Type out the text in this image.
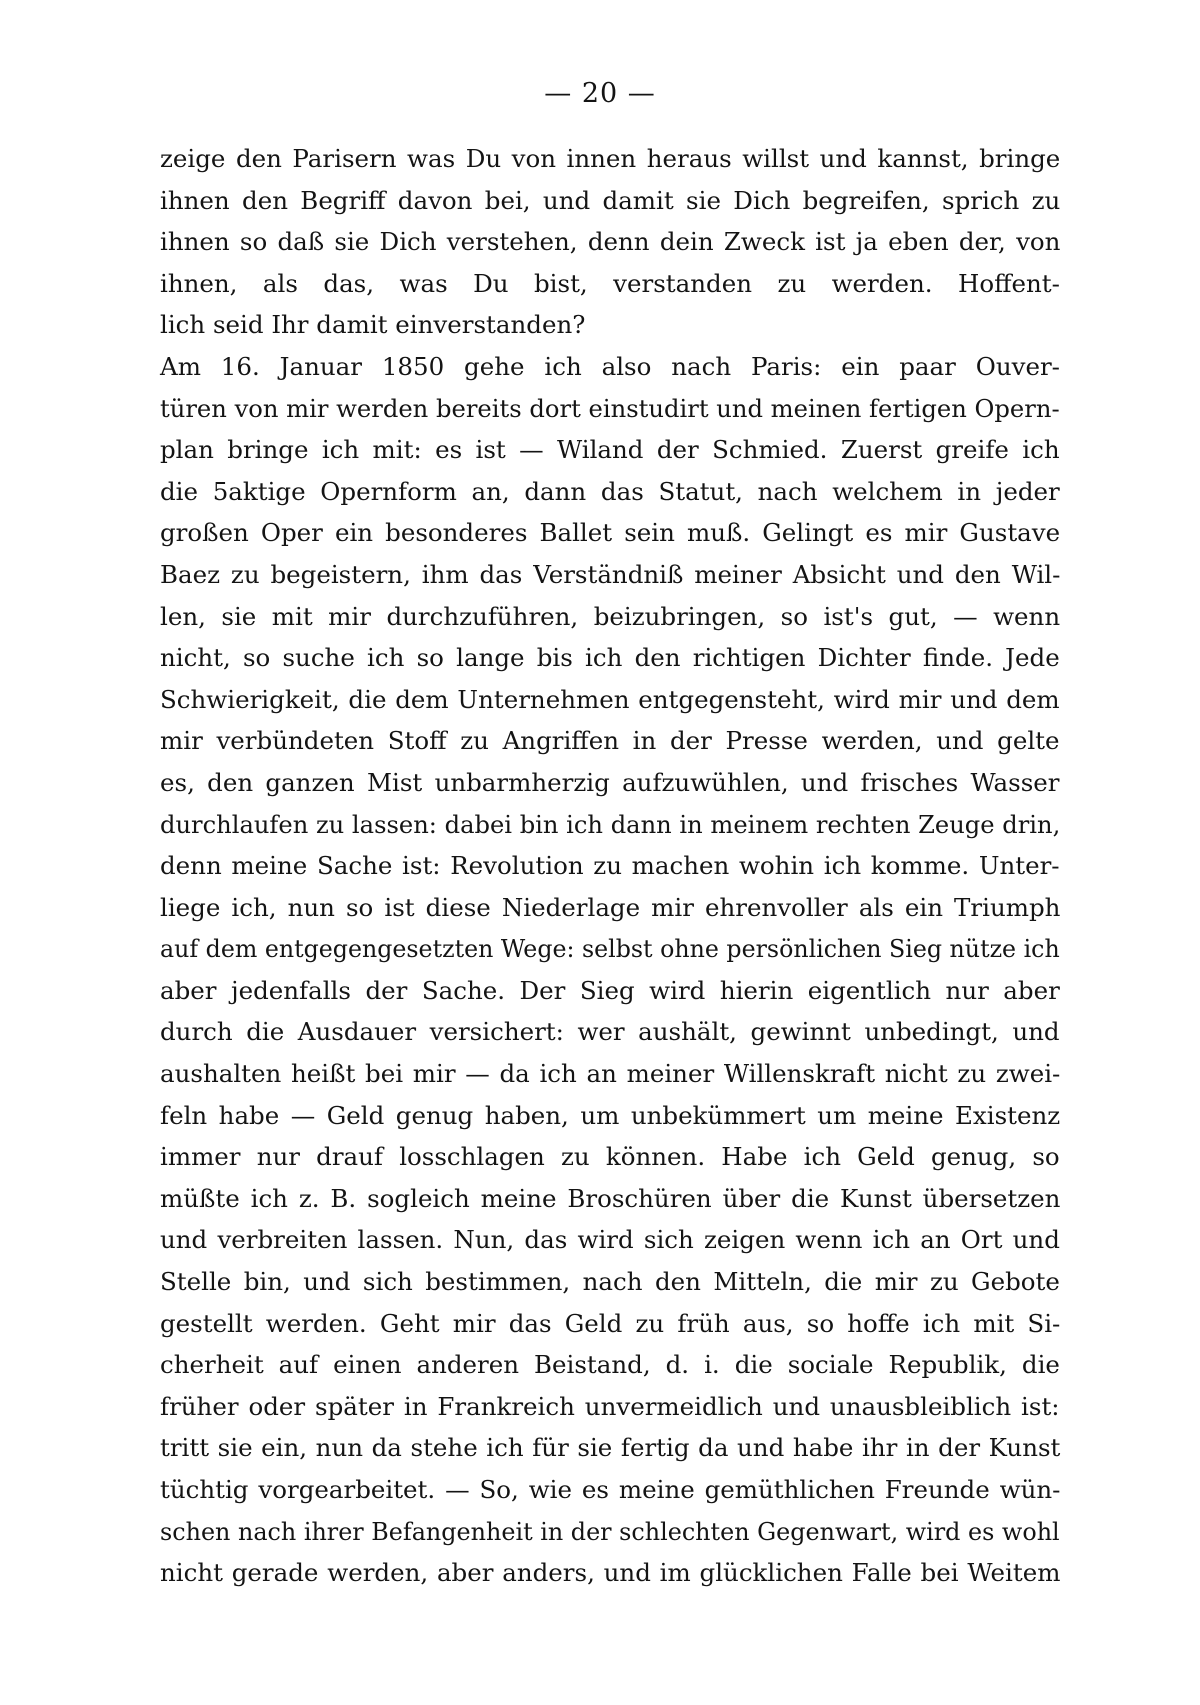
— 20 —
zeige den Parisern was Du von innen heraus willst und kannst, bringe
ihnen den Begriff davon bei, und damit sie Dich begreifen, sprich zu
ihnen so daß sie Dich verstehen, denn dein Zweck ist ja eben der, von
ihnen, als das, was Du bist, verstanden zu werden. Hoffent-
lich seid Ihr damit einverstanden?
Am 16. Januar 1850 gehe ich also nach Paris: ein paar Ouver-
türen von mir werden bereits dort einstudirt und meinen fertigen Opern-
plan bringe ich mit: es ist — Wiland der Schmied. Zuerst greife ich
die 5aktige Opernform an, dann das Statut, nach welchem in jeder
großen Oper ein besonderes Ballet sein muß. Gelingt es mir Gustave
Baez zu begeistern, ihm das Verständniß meiner Absicht und den Wil-
len, sie mit mir durchzuführen, beizubringen, so ist's gut, — wenn
nicht, so suche ich so lange bis ich den richtigen Dichter finde. Jede
Schwierigkeit, die dem Unternehmen entgegensteht, wird mir und dem
mir verbündeten Stoff zu Angriffen in der Presse werden, und gelte
es, den ganzen Mist unbarmherzig aufzuwühlen, und frisches Wasser
durchlaufen zu lassen: dabei bin ich dann in meinem rechten Zeuge drin,
denn meine Sache ist: Revolution zu machen wohin ich komme. Unter-
liege ich, nun so ist diese Niederlage mir ehrenvoller als ein Triumph
auf dem entgegengesetzten Wege: selbst ohne persönlichen Sieg nütze ich
aber jedenfalls der Sache. Der Sieg wird hierin eigentlich nur aber
durch die Ausdauer versichert: wer aushält, gewinnt unbedingt, und
aushalten heißt bei mir — da ich an meiner Willenskraft nicht zu zwei-
feln habe — Geld genug haben, um unbekümmert um meine Existenz
immer nur drauf losschlagen zu können. Habe ich Geld genug, so
müßte ich z. B. sogleich meine Broschüren über die Kunst übersetzen
und verbreiten lassen. Nun, das wird sich zeigen wenn ich an Ort und
Stelle bin, und sich bestimmen, nach den Mitteln, die mir zu Gebote
gestellt werden. Geht mir das Geld zu früh aus, so hoffe ich mit Si-
cherheit auf einen anderen Beistand, d. i. die sociale Republik, die
früher oder später in Frankreich unvermeidlich und unausbleiblich ist:
tritt sie ein, nun da stehe ich für sie fertig da und habe ihr in der Kunst
tüchtig vorgearbeitet. — So, wie es meine gemüthlichen Freunde wün-
schen nach ihrer Befangenheit in der schlechten Gegenwart, wird es wohl
nicht gerade werden, aber anders, und im glücklichen Falle bei Weitem
